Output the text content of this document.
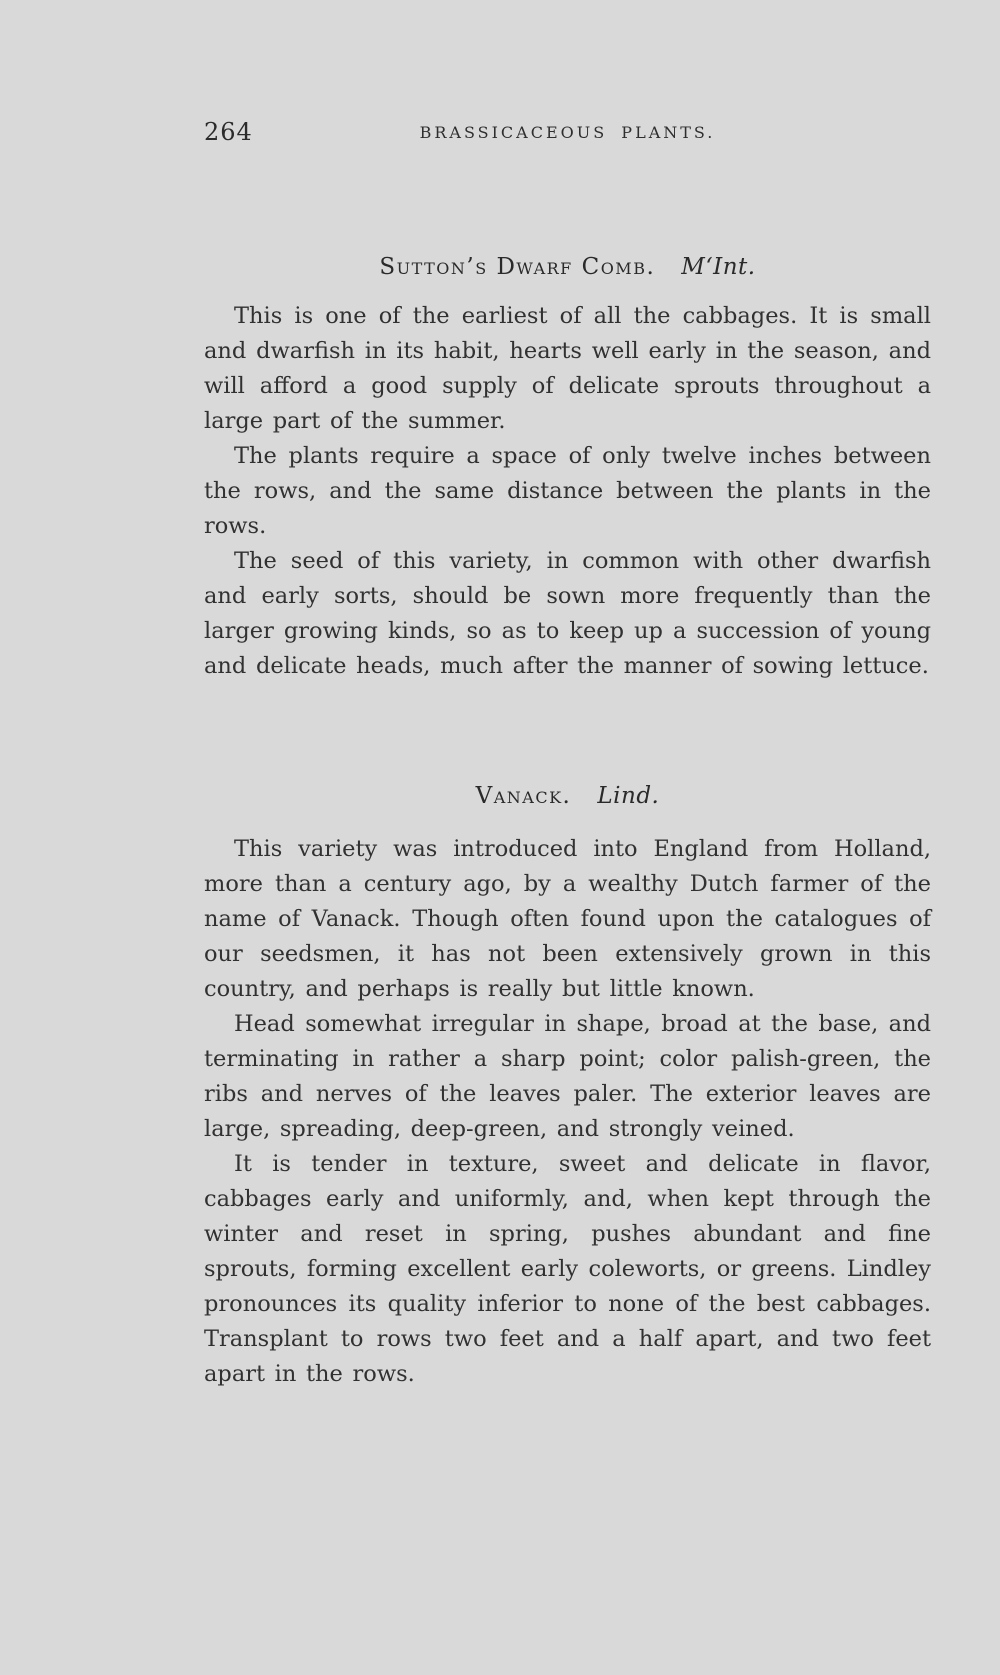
264	BRASSICACEOUS PLANTS.
Sutton’s Dwarf Comb. M‘Int.

This is one of the earliest of all the cabbages. It is small and dwarfish in its habit, hearts well early in the season, and will afford a good supply of delicate sprouts throughout a large part of the summer.

The plants require a space of only twelve inches between the rows, and the same distance between the plants in the rows.

The seed of this variety, in common with other dwarfish and early sorts, should be sown more frequently than the larger growing kinds, so as to keep up a succession of young and delicate heads, much after the manner of sowing lettuce.

Vanack. Lind.

This variety was introduced into England from Holland, more than a century ago, by a wealthy Dutch farmer of the name of Vanack. Though often found upon the catalogues of our seedsmen, it has not been extensively grown in this country, and perhaps is really but little known.

Head somewhat irregular in shape, broad at the base, and terminating in rather a sharp point; color palish-green, the ribs and nerves of the leaves paler. The exterior leaves are large, spreading, deep-green, and strongly veined.

It is tender in texture, sweet and delicate in flavor, cabbages early and uniformly, and, when kept through the winter and reset in spring, pushes abundant and fine sprouts, forming excellent early coleworts, or greens. Lindley pronounces its quality inferior to none of the best cabbages. Transplant to rows two feet and a half apart, and two feet apart in the rows.
